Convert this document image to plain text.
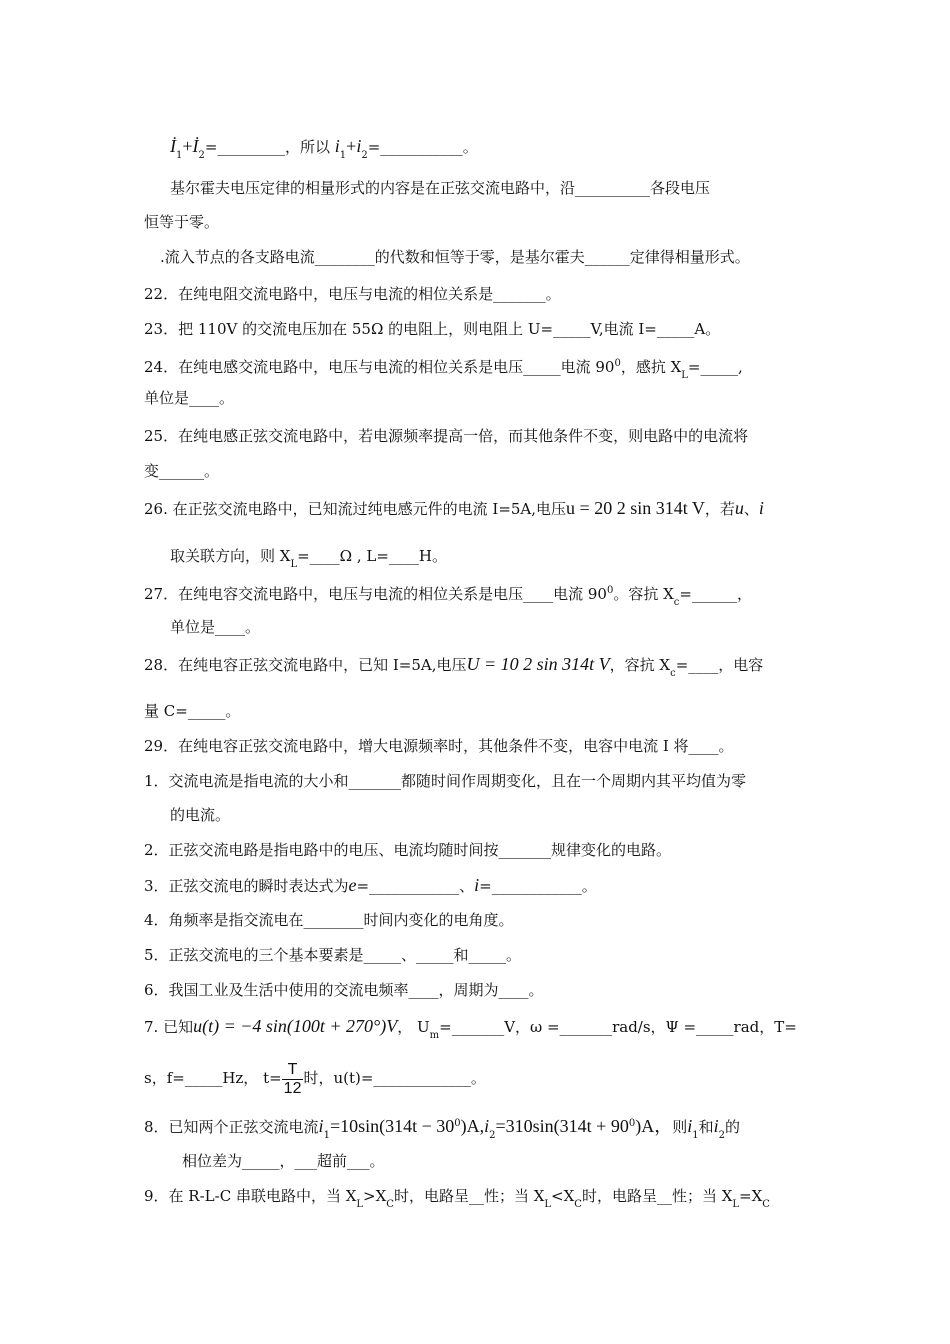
$İ_1+İ_2=\_\_\_\_\_\_\_\_\_$，所以 $i_1+i_2=\_\_\_\_\_\_\_\_\_\_\_$。
基尔霍夫电压定律的相量形式的内容是在正弦交流电路中，沿__________各段电压
恒等于零。
.流入节点的各支路电流________的代数和恒等于零，是基尔霍夫______定律得相量形式。
22．在纯电阻交流电路中，电压与电流的相位关系是_______。
23．把 110V 的交流电压加在 55Ω 的电阻上，则电阻上 U=_____V,电流 I=_____A。
24．在纯电感交流电路中，电压与电流的相位关系是电压_____电流 $90^0$，感抗 $X_L=\_\_\_\_\_$,
单位是____。
25．在纯电感正弦交流电路中，若电源频率提高一倍，而其他条件不变，则电路中的电流将
变______。
26. 在正弦交流电路中，已知流过纯电感元件的电流 I=5A,电压u = 20 2 sin 314t V，若u、i
取关联方向，则 $X_L=\_\_\_\_\Omega$ , L=____H。
27．在纯电容交流电路中，电压与电流的相位关系是电压____电流 $90^0$。容抗 $X_c=\_\_\_\_\_\_$，
单位是____。
28．在纯电容正弦交流电路中，已知 I=5A,电压U = 10 2 sin 314t V，容抗 $X_c=\_\_\_\_$，电容
量 C=_____。
29．在纯电容正弦交流电路中，增大电源频率时，其他条件不变，电容中电流 I 将____。
1．交流电流是指电流的大小和_______都随时间作周期变化，且在一个周期内其平均值为零
的电流。
2．正弦交流电路是指电路中的电压、电流均随时间按_______规律变化的电路。
3．正弦交流电的瞬时表达式为e=____________、i=____________。
4．角频率是指交流电在________时间内变化的电角度。
5．正弦交流电的三个基本要素是_____、_____和_____。
6．我国工业及生活中使用的交流电频率____，周期为____。
7. 已知u(t) = −4 sin(100t + 270°)V， $U_m=\_\_\_\_\_\_\_V$，ω =_______rad/s，Ψ =_____rad，T=
s，f=_____Hz， $t= \frac{T}{12}$ 时，u(t)=_____________。
8．已知两个正弦交流电流$i_1=10\sin(314t - 30^0)A,i_2=310\sin(314t + 90^0)A$，则$i_1$和$i_2$的
相位差为_____，___超前___。
9．在 R-L-C 串联电路中，当 $X_L>X_C$时，电路呈__性；当 $X_L<X_C$时，电路呈__性；当 $X_L=X_C$
